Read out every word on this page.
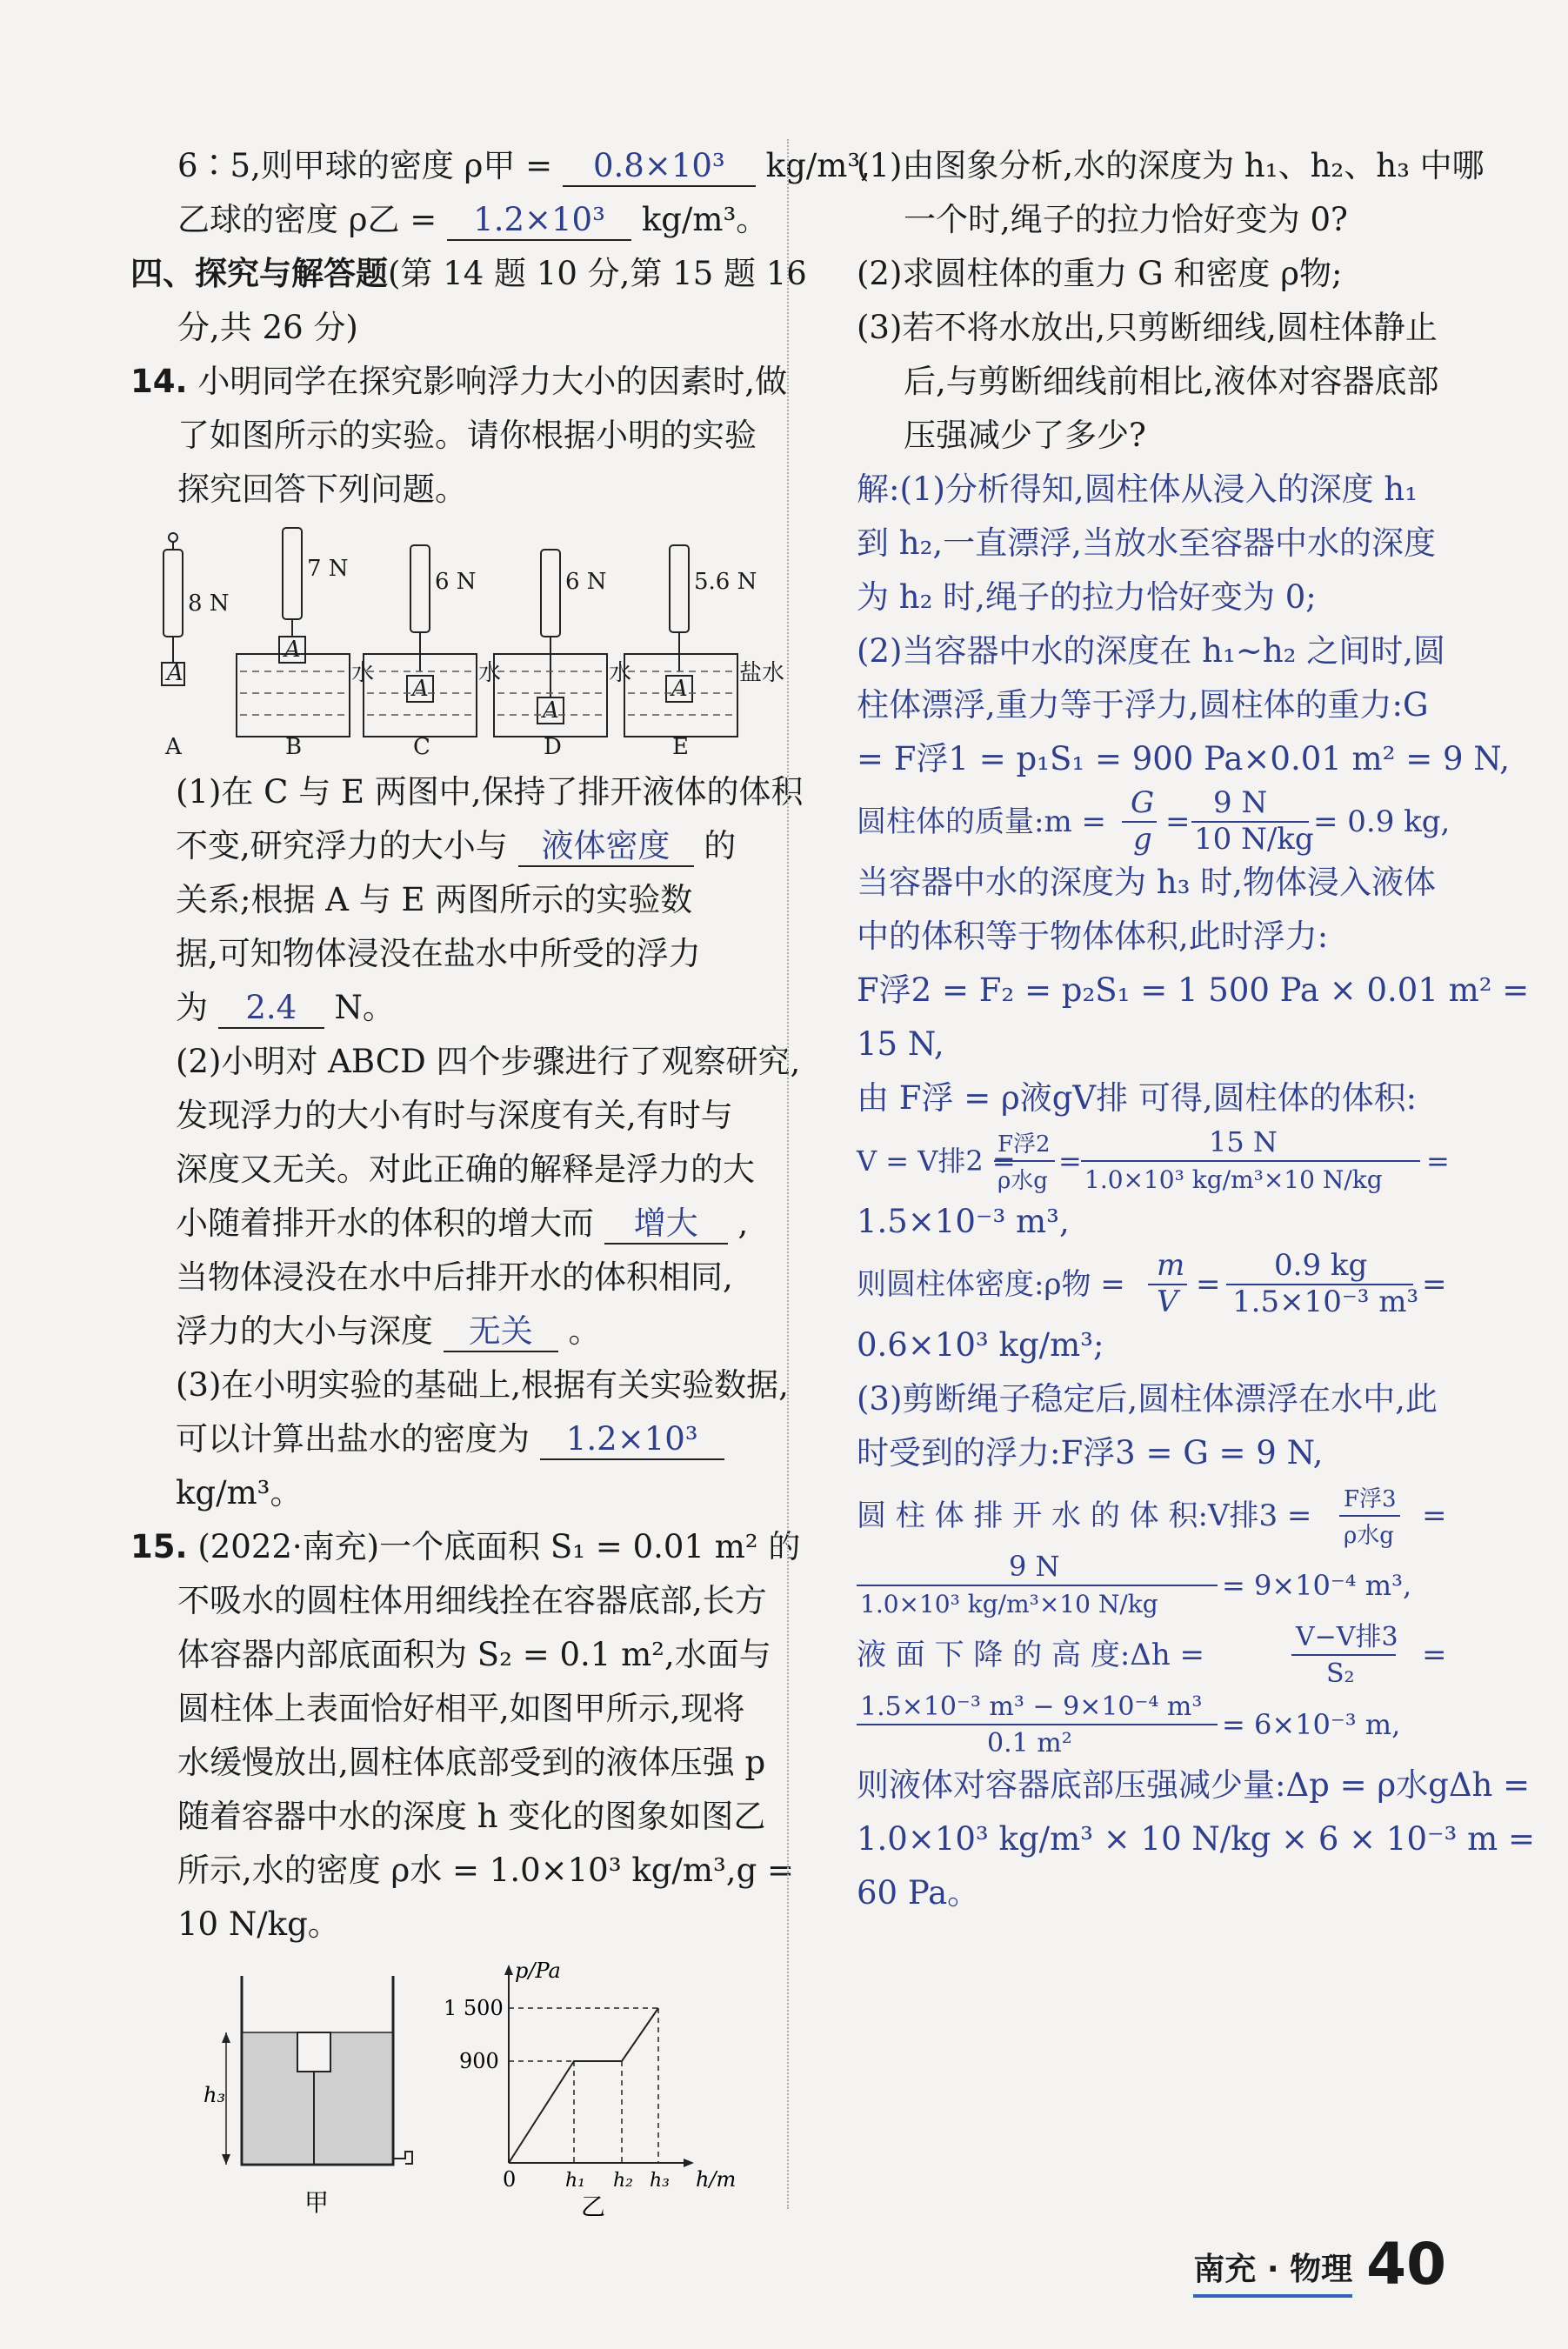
6∶5,则甲球的密度 ρ甲 = 0.8×10³ kg/m³,

乙球的密度 ρ乙 = 1.2×10³ kg/m³。

四、探究与解答题(第 14 题 10 分,第 15 题 16

分,共 26 分)

14. 小明同学在探究影响浮力大小的因素时,做

了如图所示的实验。请你根据小明的实验

探究回答下列问题。

A
A
A
A
A
8 N
7 N	6 N	6 N	5.6 N
水	水	水	盐水
A	B	C	D	E

(1)在 C 与 E 两图中,保持了排开液体的体积

不变,研究浮力的大小与 液体密度 的

关系;根据 A 与 E 两图所示的实验数

据,可知物体浸没在盐水中所受的浮力

为 2.4 N。

(2)小明对 ABCD 四个步骤进行了观察研究,

发现浮力的大小有时与深度有关,有时与

深度又无关。对此正确的解释是浮力的大

小随着排开水的体积的增大而 增大 ,

当物体浸没在水中后排开水的体积相同,

浮力的大小与深度 无关 。

(3)在小明实验的基础上,根据有关实验数据,

可以计算出盐水的密度为 1.2×10³

kg/m³。

15. (2022·南充)一个底面积 S₁ = 0.01 m² 的

不吸水的圆柱体用细线拴在容器底部,长方

体容器内部底面积为 S₂ = 0.1 m²,水面与

圆柱体上表面恰好相平,如图甲所示,现将

水缓慢放出,圆柱体底部受到的液体压强 p

随着容器中水的深度 h 变化的图象如图乙

所示,水的密度 ρ水 = 1.0×10³ kg/m³,g =

10 N/kg。

h₃
甲
p/Pa
h/m
1 500
900
0	h₁ h₂ h₃
乙

(1)由图象分析,水的深度为 h₁、h₂、h₃ 中哪

一个时,绳子的拉力恰好变为 0?

(2)求圆柱体的重力 G 和密度 ρ物;

(3)若不将水放出,只剪断细线,圆柱体静止

后,与剪断细线前相比,液体对容器底部

压强减少了多少?

解:(1)分析得知,圆柱体从浸入的深度 h₁

到 h₂,一直漂浮,当放水至容器中水的深度

为 h₂ 时,绳子的拉力恰好变为 0;

(2)当容器中水的深度在 h₁~h₂ 之间时,圆

柱体漂浮,重力等于浮力,圆柱体的重力:G

= F浮1 = p₁S₁ = 900 Pa×0.01 m² = 9 N,

圆柱体的质量:m =
G
g =
9 N
10 N/kg = 0.9 kg,

当容器中水的深度为 h₃ 时,物体浸入液体

中的体积等于物体体积,此时浮力:

F浮2 = F₂ = p₂S₁ = 1 500 Pa × 0.01 m² =

15 N,

由 F浮 = ρ液gV排 可得,圆柱体的体积:

V = V排2 =
F浮2
ρ水g
=
15 N
1.0×10³ kg/m³×10 N/kg
=

1.5×10⁻³ m³,

则圆柱体密度:ρ物 =
m
V =
0.9 kg
1.5×10⁻³ m³ =

0.6×10³ kg/m³;

(3)剪断绳子稳定后,圆柱体漂浮在水中,此

时受到的浮力:F浮3 = G = 9 N,

圆 柱 体 排 开 水 的 体 积:V排3 = F浮3
ρ水g
=
9 N
1.0×10³ kg/m³×10 N/kg
= 9×10⁻⁴ m³,
液 面 下 降 的 高 度:Δh =
V−V排3
S₂
=
1.5×10⁻³ m³ − 9×10⁻⁴ m³
0.1 m²
= 6×10⁻³ m,

则液体对容器底部压强减少量:Δp = ρ水gΔh =

1.0×10³ kg/m³ × 10 N/kg × 6 × 10⁻³ m =

60 Pa。

南充 · 物理 40
